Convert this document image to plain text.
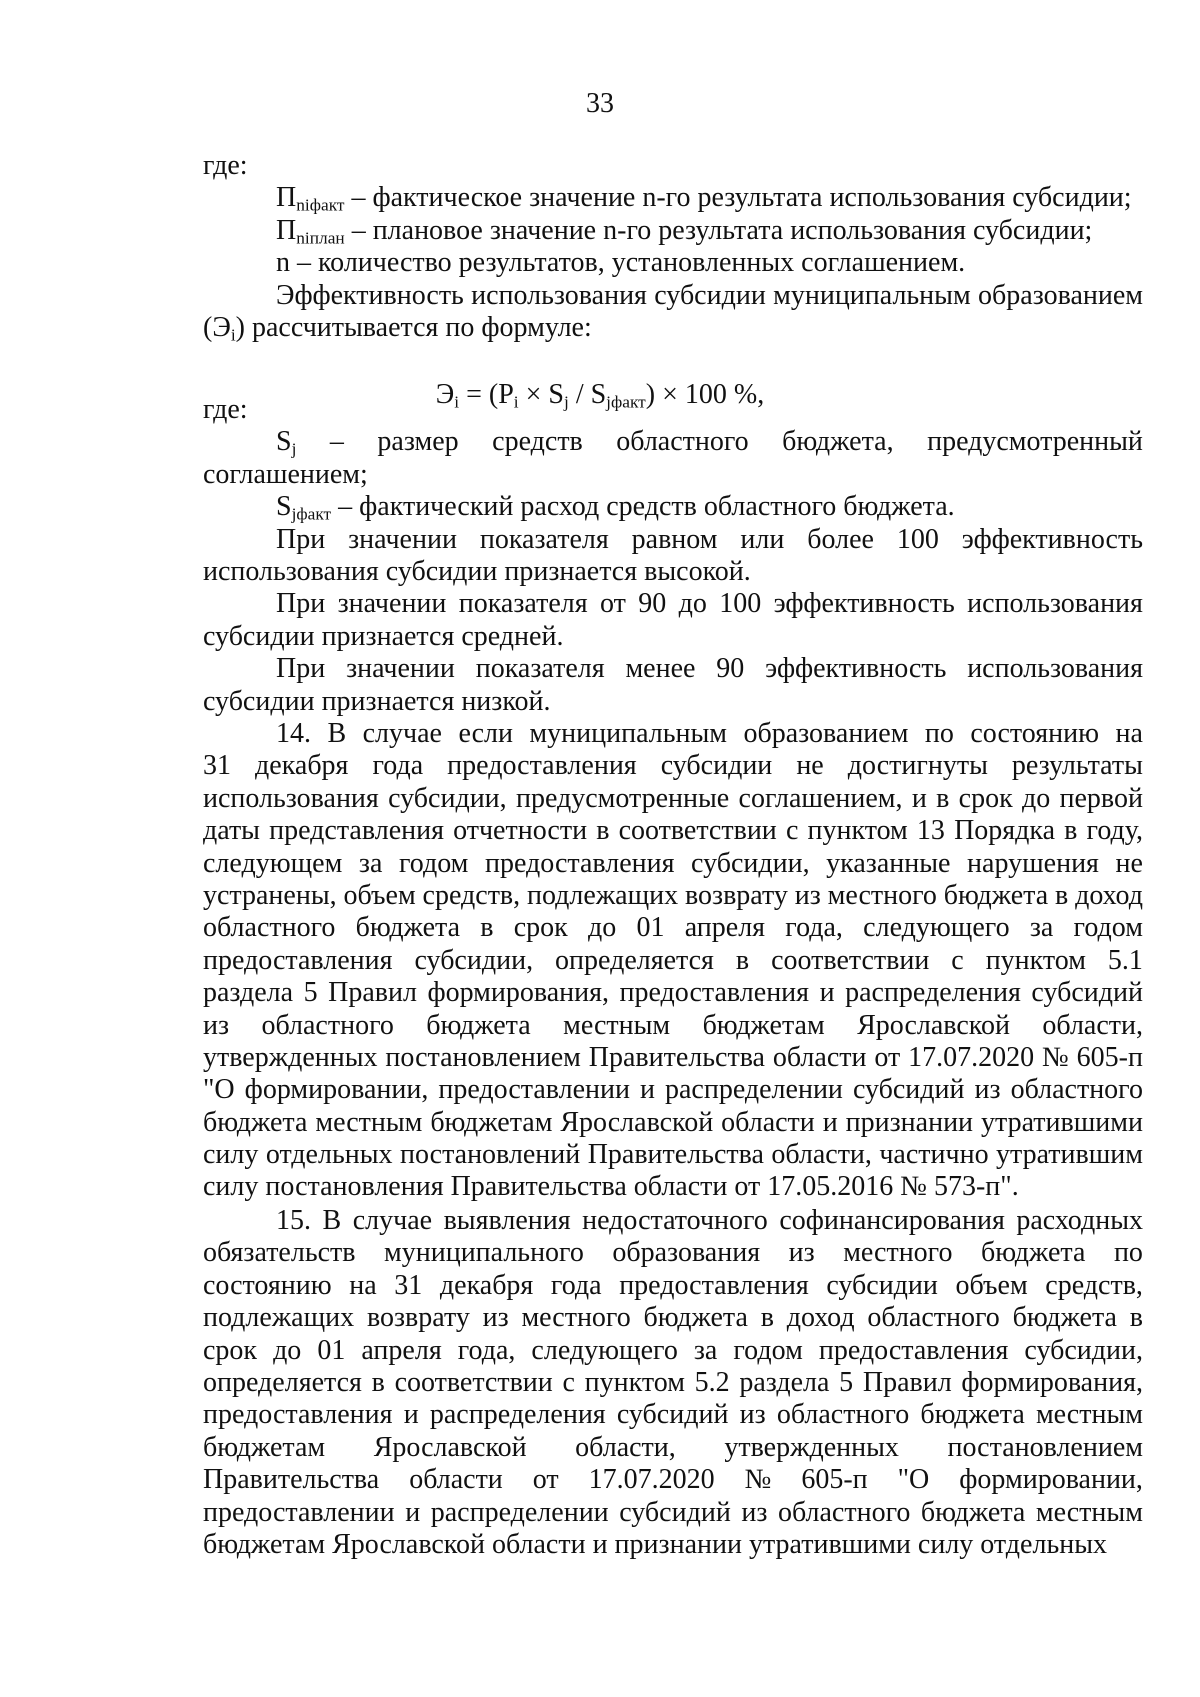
33
где:
$П_{niфакт}$ – фактическое значение n-го результата использования субсидии;
$П_{niплан}$ – плановое значение n-го результата использования субсидии;
n – количество результатов, установленных соглашением.
Эффективность использования субсидии муниципальным образованием
$(Э_i)$ рассчитывается по формуле:
$Э_i = (P_i \times S_j / S_{jфакт}) \times 100$ %,
где:
$S_j$ – размер средств областного бюджета, предусмотренный
соглашением;
$S_{jфакт}$ – фактический расход средств областного бюджета.
При значении показателя равном или более 100 эффективность
использования субсидии признается высокой.
При значении показателя от 90 до 100 эффективность использования
субсидии признается средней.
При значении показателя менее 90 эффективность использования
субсидии признается низкой.
14. В случае если муниципальным образованием по состоянию на
31 декабря года предоставления субсидии не достигнуты результаты
использования субсидии, предусмотренные соглашением, и в срок до первой
даты представления отчетности в соответствии с пунктом 13 Порядка в году,
следующем за годом предоставления субсидии, указанные нарушения не
устранены, объем средств, подлежащих возврату из местного бюджета в доход
областного бюджета в срок до 01 апреля года, следующего за годом
предоставления субсидии, определяется в соответствии с пунктом 5.1
раздела 5 Правил формирования, предоставления и распределения субсидий
из областного бюджета местным бюджетам Ярославской области,
утвержденных постановлением Правительства области от 17.07.2020 № 605-п
"О формировании, предоставлении и распределении субсидий из областного
бюджета местным бюджетам Ярославской области и признании утратившими
силу отдельных постановлений Правительства области, частично утратившим
силу постановления Правительства области от 17.05.2016 № 573-п".
15. В случае выявления недостаточного софинансирования расходных
обязательств муниципального образования из местного бюджета по
состоянию на 31 декабря года предоставления субсидии объем средств,
подлежащих возврату из местного бюджета в доход областного бюджета в
срок до 01 апреля года, следующего за годом предоставления субсидии,
определяется в соответствии с пунктом 5.2 раздела 5 Правил формирования,
предоставления и распределения субсидий из областного бюджета местным
бюджетам Ярославской области, утвержденных постановлением
Правительства области от 17.07.2020 № 605-п "О формировании,
предоставлении и распределении субсидий из областного бюджета местным
бюджетам Ярославской области и признании утратившими силу отдельных
